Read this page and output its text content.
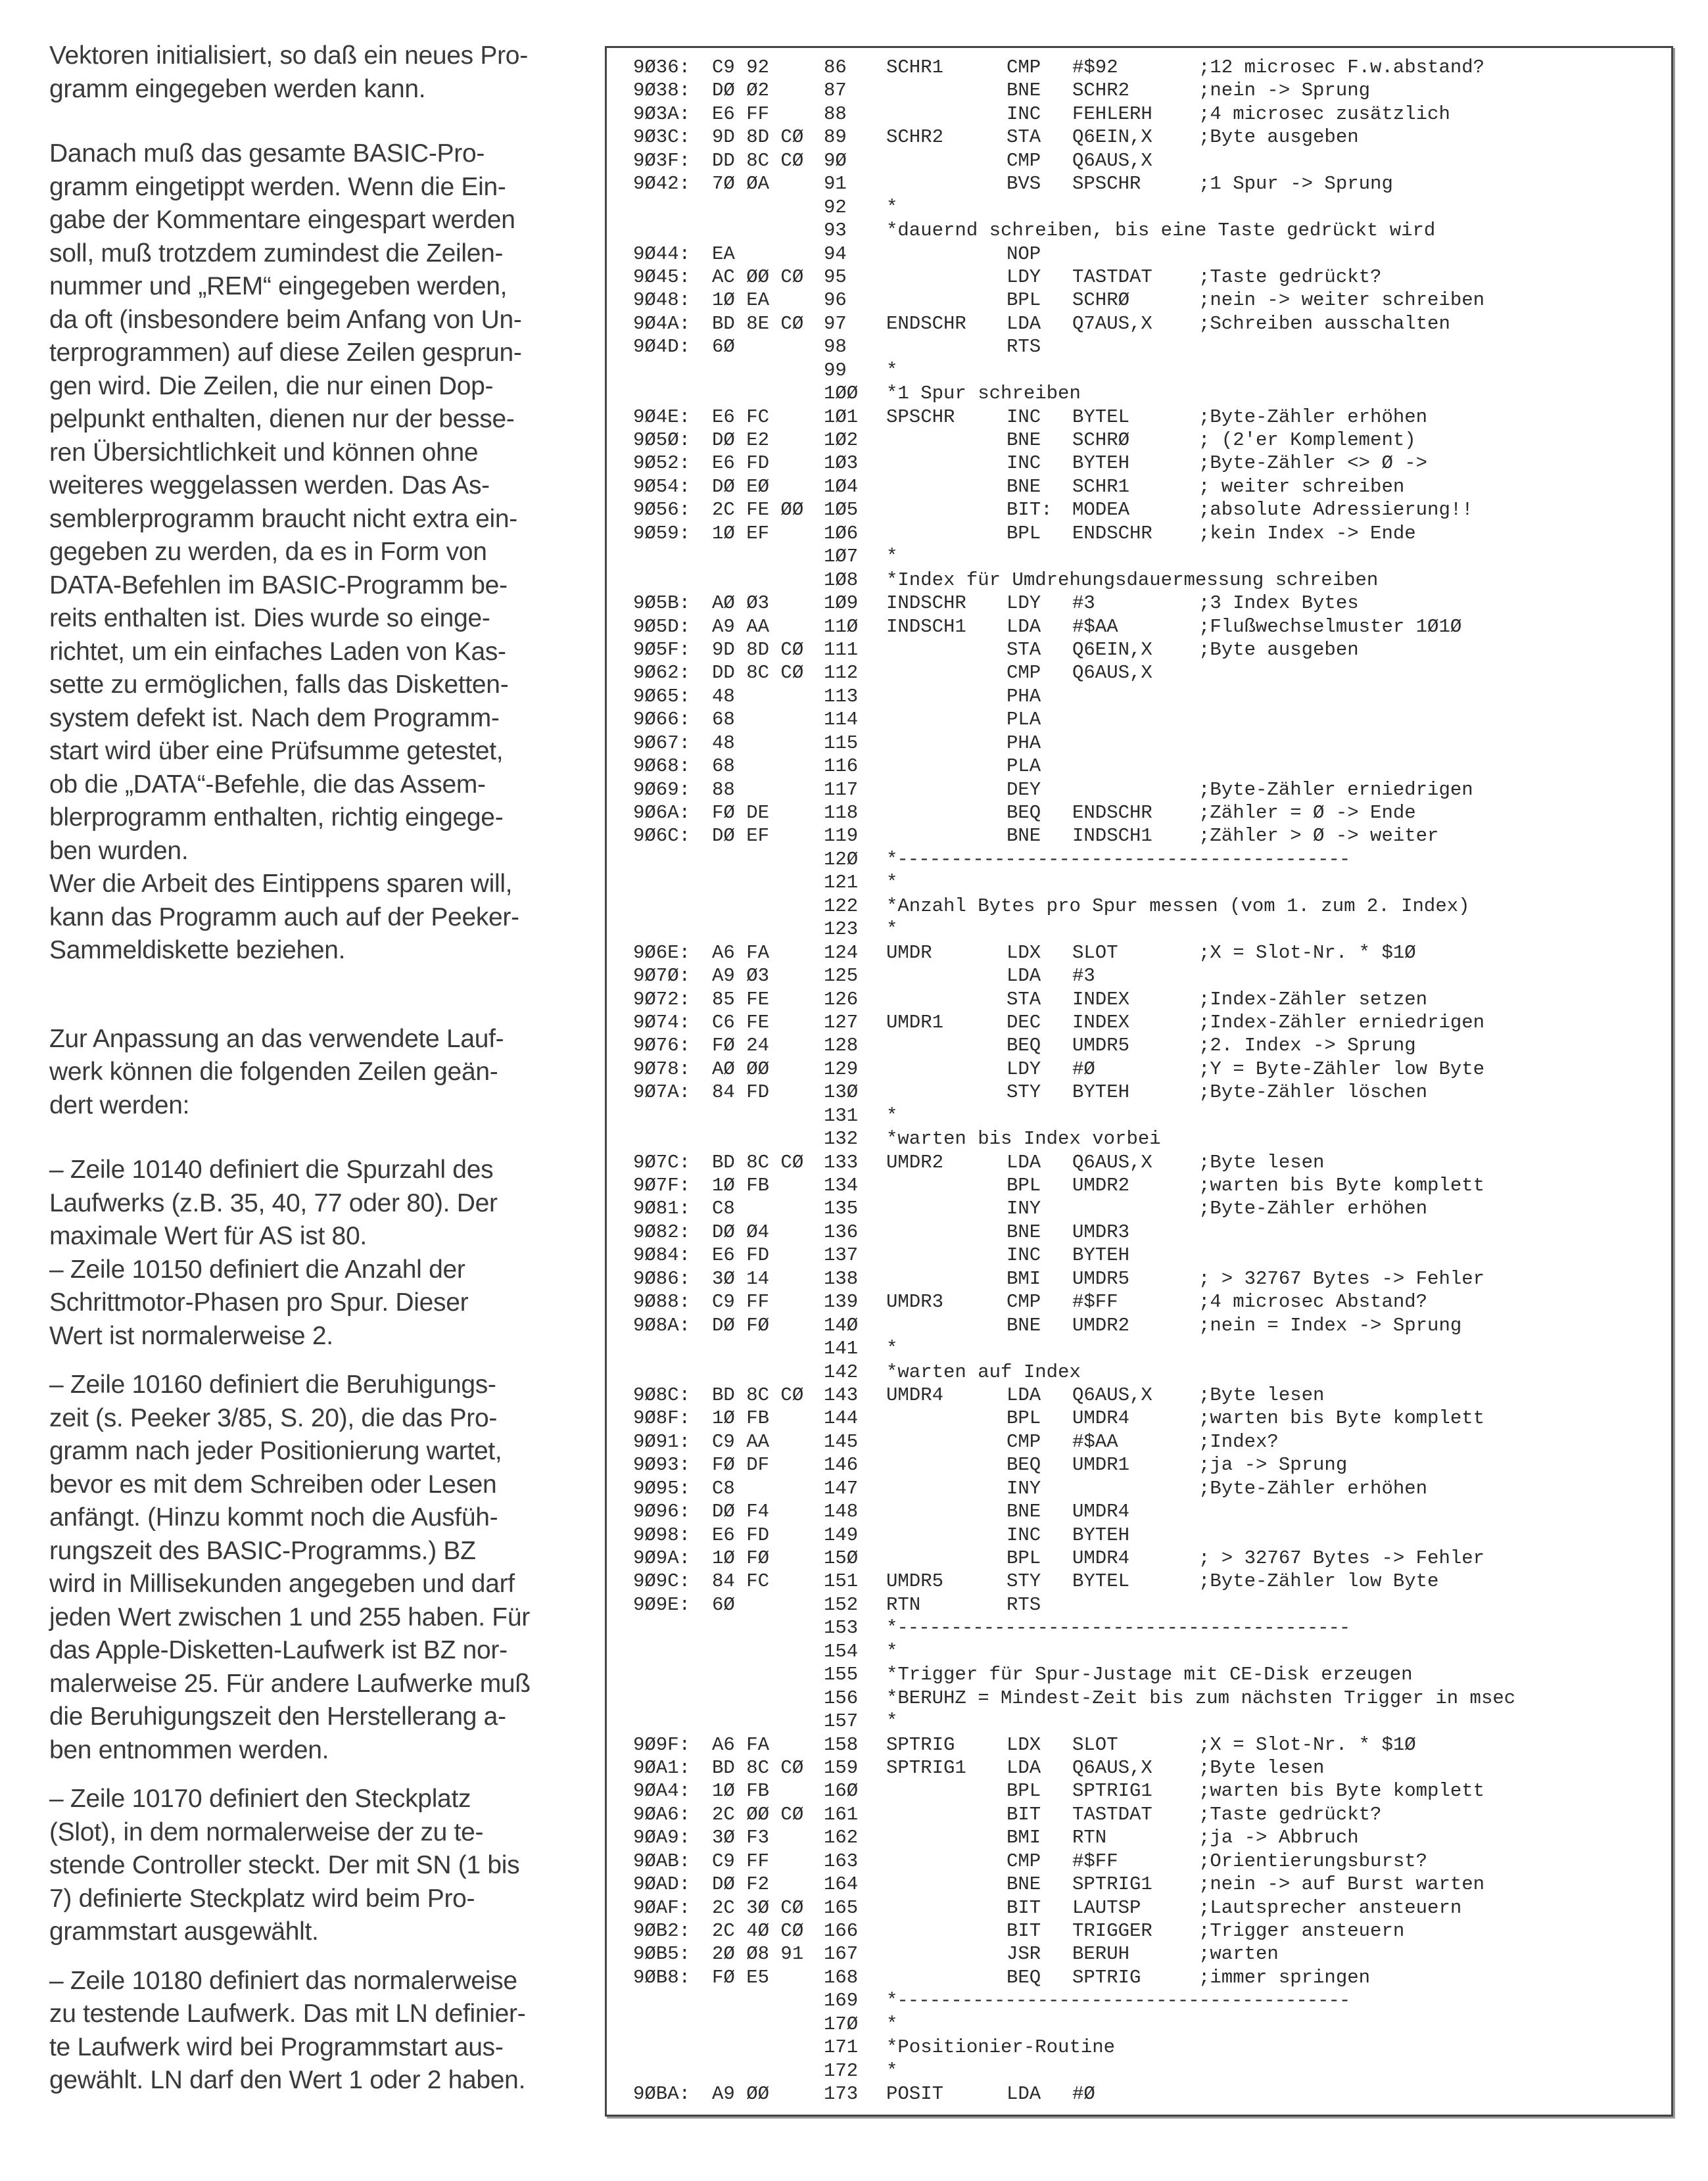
Vektoren initialisiert, so daß ein neues Pro-
gramm eingegeben werden kann.

Danach muß das gesamte BASIC-Pro-
gramm eingetippt werden. Wenn die Ein-
gabe der Kommentare eingespart werden
soll, muß trotzdem zumindest die Zeilen-
nummer und „REM“ eingegeben werden,
da oft (insbesondere beim Anfang von Un-
terprogrammen) auf diese Zeilen gesprun-
gen wird. Die Zeilen, die nur einen Dop-
pelpunkt enthalten, dienen nur der besse-
ren Übersichtlichkeit und können ohne
weiteres weggelassen werden. Das As-
semblerprogramm braucht nicht extra ein-
gegeben zu werden, da es in Form von
DATA-Befehlen im BASIC-Programm be-
reits enthalten ist. Dies wurde so einge-
richtet, um ein einfaches Laden von Kas-
sette zu ermöglichen, falls das Disketten-
system defekt ist. Nach dem Programm-
start wird über eine Prüfsumme getestet,
ob die „DATA“-Befehle, die das Assem-
blerprogramm enthalten, richtig eingege-
ben wurden.

Wer die Arbeit des Eintippens sparen will,
kann das Programm auch auf der Peeker-
Sammeldiskette beziehen.

Zur Anpassung an das verwendete Lauf-
werk können die folgenden Zeilen geän-
dert werden:

– Zeile 10140 definiert die Spurzahl des
Laufwerks (z.B. 35, 40, 77 oder 80). Der
maximale Wert für AS ist 80.

– Zeile 10150 definiert die Anzahl der
Schrittmotor-Phasen pro Spur. Dieser
Wert ist normalerweise 2.

– Zeile 10160 definiert die Beruhigungs-
zeit (s. Peeker 3/85, S. 20), die das Pro-
gramm nach jeder Positionierung wartet,
bevor es mit dem Schreiben oder Lesen
anfängt. (Hinzu kommt noch die Ausfüh-
rungszeit des BASIC-Programms.) BZ
wird in Millisekunden angegeben und darf
jeden Wert zwischen 1 und 255 haben. Für
das Apple-Disketten-Laufwerk ist BZ nor-
malerweise 25. Für andere Laufwerke muß
die Beruhigungszeit den Herstellerang a-
ben entnommen werden.

– Zeile 10170 definiert den Steckplatz
(Slot), in dem normalerweise der zu te-
stende Controller steckt. Der mit SN (1 bis
7) definierte Steckplatz wird beim Pro-
grammstart ausgewählt.

– Zeile 10180 definiert das normalerweise
zu testende Laufwerk. Das mit LN definier-
te Laufwerk wird bei Programmstart aus-
gewählt. LN darf den Wert 1 oder 2 haben.

9Ø36: C9 92	86 SCHR1	CMP #$92	;12 microsec F.w.abstand?
9Ø38: DØ Ø2	87	BNE SCHR2	;nein -> Sprung
9Ø3A: E6 FF	88	INC FEHLERH ;4 microsec zusätzlich
9Ø3C: 9D 8D CØ 89 SCHR2	STA Q6EIN,X ;Byte ausgeben
9Ø3F: DD 8C CØ 9Ø	CMP Q6AUS,X
9Ø42: 7Ø ØA	91	BVS SPSCHR	;1 Spur -> Sprung
92 *
93 *dauernd schreiben, bis eine Taste gedrückt wird
9Ø44: EA	94	NOP
9Ø45: AC ØØ CØ 95	LDY TASTDAT ;Taste gedrückt?
9Ø48: 1Ø EA	96	BPL SCHRØ	;nein -> weiter schreiben
9Ø4A: BD 8E CØ 97 ENDSCHR LDA Q7AUS,X ;Schreiben ausschalten
9Ø4D: 6Ø	98	RTS
99 *
1ØØ *1 Spur schreiben
9Ø4E: E6 FC	1Ø1 SPSCHR	INC BYTEL	;Byte-Zähler erhöhen
9Ø5Ø: DØ E2	1Ø2	BNE SCHRØ	; (2'er Komplement)
9Ø52: E6 FD	1Ø3	INC BYTEH	;Byte-Zähler <> Ø ->
9Ø54: DØ EØ	1Ø4	BNE SCHR1	; weiter schreiben
9Ø56: 2C FE ØØ 1Ø5	BIT: MODEA	;absolute Adressierung!!
9Ø59: 1Ø EF	1Ø6	BPL ENDSCHR ;kein Index -> Ende
1Ø7 *
1Ø8 *Index für Umdrehungsdauermessung schreiben
9Ø5B: AØ Ø3	1Ø9 INDSCHR LDY #3	;3 Index Bytes
9Ø5D: A9 AA	11Ø INDSCH1 LDA #$AA	;Flußwechselmuster 1Ø1Ø
9Ø5F: 9D 8D CØ 111	STA Q6EIN,X ;Byte ausgeben
9Ø62: DD 8C CØ 112	CMP Q6AUS,X
9Ø65: 48	113	PHA
9Ø66: 68	114	PLA
9Ø67: 48	115	PHA
9Ø68: 68	116	PLA
9Ø69: 88	117	DEY	;Byte-Zähler erniedrigen
9Ø6A: FØ DE	118	BEQ ENDSCHR ;Zähler = Ø -> Ende
9Ø6C: DØ EF	119	BNE INDSCH1 ;Zähler > Ø -> weiter
12Ø *------------------------------------------
121 *
122 *Anzahl Bytes pro Spur messen (vom 1. zum 2. Index)
123 *
9Ø6E: A6 FA	124 UMDR	LDX SLOT	;X = Slot-Nr. * $1Ø
9Ø7Ø: A9 Ø3	125	LDA #3
9Ø72: 85 FE	126	STA INDEX	;Index-Zähler setzen
9Ø74: C6 FE	127 UMDR1	DEC INDEX	;Index-Zähler erniedrigen
9Ø76: FØ 24	128	BEQ UMDR5	;2. Index -> Sprung
9Ø78: AØ ØØ	129	LDY #Ø	;Y = Byte-Zähler low Byte
9Ø7A: 84 FD	13Ø	STY BYTEH	;Byte-Zähler löschen
131 *
132 *warten bis Index vorbei
9Ø7C: BD 8C CØ 133 UMDR2	LDA Q6AUS,X ;Byte lesen
9Ø7F: 1Ø FB	134	BPL UMDR2	;warten bis Byte komplett
9Ø81: C8	135	INY	;Byte-Zähler erhöhen
9Ø82: DØ Ø4	136	BNE UMDR3
9Ø84: E6 FD	137	INC BYTEH
9Ø86: 3Ø 14	138	BMI UMDR5	; > 32767 Bytes -> Fehler
9Ø88: C9 FF	139 UMDR3	CMP #$FF	;4 microsec Abstand?
9Ø8A: DØ FØ	14Ø	BNE UMDR2	;nein = Index -> Sprung
141 *
142 *warten auf Index
9Ø8C: BD 8C CØ 143 UMDR4	LDA Q6AUS,X ;Byte lesen
9Ø8F: 1Ø FB	144	BPL UMDR4	;warten bis Byte komplett
9Ø91: C9 AA	145	CMP #$AA	;Index?
9Ø93: FØ DF	146	BEQ UMDR1	;ja -> Sprung
9Ø95: C8	147	INY	;Byte-Zähler erhöhen
9Ø96: DØ F4	148	BNE UMDR4
9Ø98: E6 FD	149	INC BYTEH
9Ø9A: 1Ø FØ	15Ø	BPL UMDR4	; > 32767 Bytes -> Fehler
9Ø9C: 84 FC	151 UMDR5	STY BYTEL	;Byte-Zähler low Byte
9Ø9E: 6Ø	152 RTN	RTS
153 *------------------------------------------
154 *
155 *Trigger für Spur-Justage mit CE-Disk erzeugen
156 *BERUHZ = Mindest-Zeit bis zum nächsten Trigger in msec
157 *
9Ø9F: A6 FA	158 SPTRIG	LDX SLOT	;X = Slot-Nr. * $1Ø
9ØA1: BD 8C CØ 159 SPTRIG1 LDA Q6AUS,X ;Byte lesen
9ØA4: 1Ø FB	16Ø	BPL SPTRIG1 ;warten bis Byte komplett
9ØA6: 2C ØØ CØ 161	BIT TASTDAT ;Taste gedrückt?
9ØA9: 3Ø F3	162	BMI RTN	;ja -> Abbruch
9ØAB: C9 FF	163	CMP #$FF	;Orientierungsburst?
9ØAD: DØ F2	164	BNE SPTRIG1 ;nein -> auf Burst warten
9ØAF: 2C 3Ø CØ 165	BIT LAUTSP	;Lautsprecher ansteuern
9ØB2: 2C 4Ø CØ 166	BIT TRIGGER ;Trigger ansteuern
9ØB5: 2Ø Ø8 91 167	JSR BERUH	;warten
9ØB8: FØ E5	168	BEQ SPTRIG	;immer springen
169 *------------------------------------------
17Ø *
171 *Positionier-Routine
172 *
9ØBA: A9 ØØ	173 POSIT	LDA #Ø
